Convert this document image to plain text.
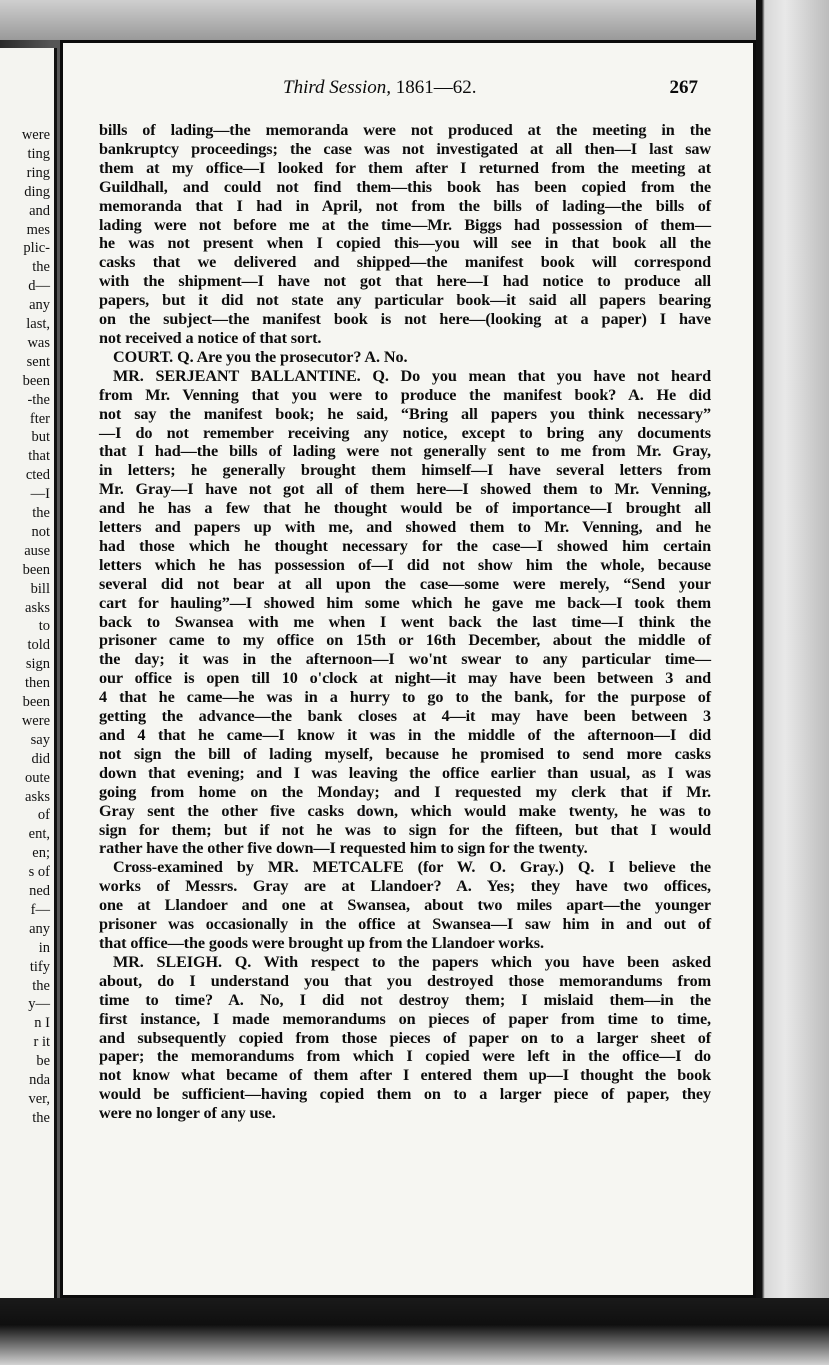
were
ting
ring
ding
and
mes
plic-
the
d—
any
last,
was
sent
been
-the
fter
but
that
cted
—I
the
not
ause
been
bill
asks
to
told
sign
then
been
were
say
did
oute
asks
of
ent,
en;
s of
ned
f—
any
in
tify
the
y—
n I
r it
be
nda
ver,
the
Third Session, 1861—62.	267
bills of lading—the memoranda were not produced at the meeting in the
bankruptcy proceedings; the case was not investigated at all then—I last saw
them at my office—I looked for them after I returned from the meeting at
Guildhall, and could not find them—this book has been copied from the
memoranda that I had in April, not from the bills of lading—the bills of
lading were not before me at the time—Mr. Biggs had possession of them—
he was not present when I copied this—you will see in that book all the
casks that we delivered and shipped—the manifest book will correspond
with the shipment—I have not got that here—I had notice to produce all
papers, but it did not state any particular book—it said all papers bearing
on the subject—the manifest book is not here—(looking at a paper) I have
not received a notice of that sort.
COURT. Q. Are you the prosecutor? A. No.
MR. SERJEANT BALLANTINE. Q. Do you mean that you have not heard
from Mr. Venning that you were to produce the manifest book? A. He did
not say the manifest book; he said, “Bring all papers you think necessary”
—I do not remember receiving any notice, except to bring any documents
that I had—the bills of lading were not generally sent to me from Mr. Gray,
in letters; he generally brought them himself—I have several letters from
Mr. Gray—I have not got all of them here—I showed them to Mr. Venning,
and he has a few that he thought would be of importance—I brought all
letters and papers up with me, and showed them to Mr. Venning, and he
had those which he thought necessary for the case—I showed him certain
letters which he has possession of—I did not show him the whole, because
several did not bear at all upon the case—some were merely, “Send your
cart for hauling”—I showed him some which he gave me back—I took them
back to Swansea with me when I went back the last time—I think the
prisoner came to my office on 15th or 16th December, about the middle of
the day; it was in the afternoon—I wo'nt swear to any particular time—
our office is open till 10 o'clock at night—it may have been between 3 and
4 that he came—he was in a hurry to go to the bank, for the purpose of
getting the advance—the bank closes at 4—it may have been between 3
and 4 that he came—I know it was in the middle of the afternoon—I did
not sign the bill of lading myself, because he promised to send more casks
down that evening; and I was leaving the office earlier than usual, as I was
going from home on the Monday; and I requested my clerk that if Mr.
Gray sent the other five casks down, which would make twenty, he was to
sign for them; but if not he was to sign for the fifteen, but that I would
rather have the other five down—I requested him to sign for the twenty.
Cross-examined by MR. METCALFE (for W. O. Gray.) Q. I believe the
works of Messrs. Gray are at Llandoer? A. Yes; they have two offices,
one at Llandoer and one at Swansea, about two miles apart—the younger
prisoner was occasionally in the office at Swansea—I saw him in and out of
that office—the goods were brought up from the Llandoer works.
MR. SLEIGH. Q. With respect to the papers which you have been asked
about, do I understand you that you destroyed those memorandums from
time to time? A. No, I did not destroy them; I mislaid them—in the
first instance, I made memorandums on pieces of paper from time to time,
and subsequently copied from those pieces of paper on to a larger sheet of
paper; the memorandums from which I copied were left in the office—I do
not know what became of them after I entered them up—I thought the book
would be sufficient—having copied them on to a larger piece of paper, they
were no longer of any use.
